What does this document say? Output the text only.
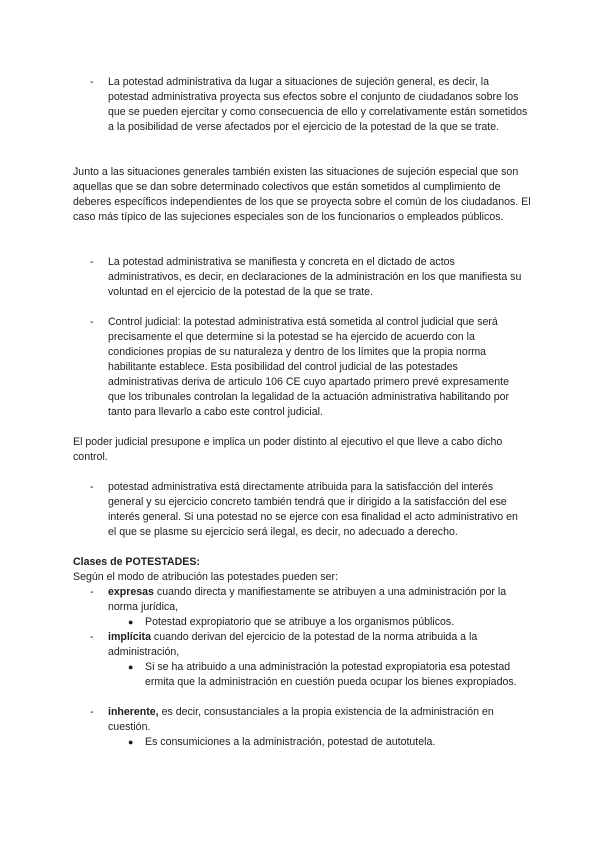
- La potestad administrativa da lugar a situaciones de sujeción general, es decir, la potestad administrativa proyecta sus efectos sobre el conjunto de ciudadanos sobre los que se pueden ejercitar y como consecuencia de ello y correlativamente están sometidos a la posibilidad de verse afectados por el ejercicio de la potestad de la que se trate.

Junto a las situaciones generales también existen las situaciones de sujeción especial que son aquellas que se dan sobre determinado colectivos que están sometidos al cumplimiento de deberes específicos independientes de los que se proyecta sobre el común de los ciudadanos. El caso más típico de las sujeciones especiales son de los funcionarios o empleados públicos.

- La potestad administrativa se manifiesta y concreta en el dictado de actos administrativos, es decir, en declaraciones de la administración en los que manifiesta su voluntad en el ejercicio de la potestad de la que se trate.

- Control judicial: la potestad administrativa está sometida al control judicial que será precisamente el que determine si la potestad se ha ejercido de acuerdo con la condiciones propias de su naturaleza y dentro de los límites que la propia norma habilitante establece. Esta posibilidad del control judicial de las potestades administrativas deriva de articulo 106 CE cuyo apartado primero prevé expresamente que los tribunales controlan la legalidad de la actuación administrativa habilitando por tanto para llevarlo a cabo este control judicial.

El poder judicial presupone e implica un poder distinto al ejecutivo el que lleve a cabo dicho control.

- potestad administrativa está directamente atribuida para la satisfacción del interés general y su ejercicio concreto también tendrá que ir dirigido a la satisfacción del ese interés general. Si una potestad no se ejerce con esa finalidad el acto administrativo en el que se plasme su ejercicio será ilegal, es decir, no adecuado a derecho.

Clases de POTESTADES:

Según el modo de atribución las potestades pueden ser:

- expresas cuando directa y manifiestamente se atribuyen a una administración por la norma jurídica,

● Potestad expropiatorio que se atribuye a los organismos públicos.

- implícita cuando derivan del ejercicio de la potestad de la norma atribuida a la administración,

● Si se ha atribuido a una administración la potestad expropiatoria esa potestad ermita que la administración en cuestión pueda ocupar los bienes expropiados.

- inherente, es decir, consustanciales a la propia existencia de la administración en cuestión.

● Es consumiciones a la administración, potestad de autotutela.
